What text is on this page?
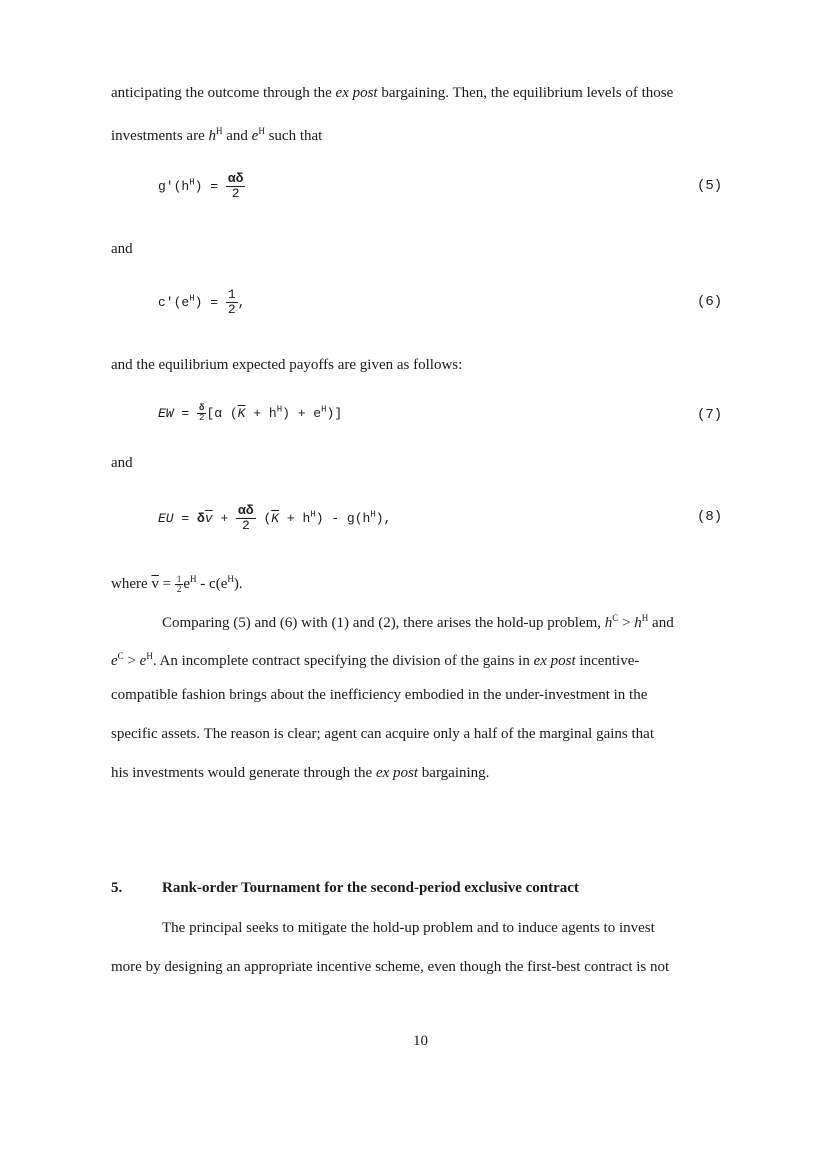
anticipating the outcome through the ex post bargaining. Then, the equilibrium levels of those
investments are $h^H$ and $e^H$ such that
$g'(h^H) = \frac{\alpha\delta}{2}$	(5)
and
$c'(e^H) = \frac{1}{2}$ ,	(6)
and the equilibrium expected payoffs are given as follows:
EW = $\frac{\delta}{2} [\alpha$ $(\overline{K} + h^H) + e^H$)]	(7)
and
EU = $\delta\overline{v} + \frac{\alpha\delta}{2} (\overline{K} + h^H) - g(h^H)$,	(8)
where $\overline{v} = \frac{1}{2} e^H - c(e^H)$.
Comparing (5) and (6) with (1) and (2), there arises the hold-up problem, $h^C > h^H$ and
$e^C > e^H$. An incomplete contract specifying the division of the gains in ex post incentive-
compatible fashion brings about the inefficiency embodied in the under-investment in the
specific assets. The reason is clear; agent can acquire only a half of the marginal gains that
his investments would generate through the ex post bargaining.
5.	Rank-order Tournament for the second-period exclusive contract
The principal seeks to mitigate the hold-up problem and to induce agents to invest
more by designing an appropriate incentive scheme, even though the first-best contract is not
10
